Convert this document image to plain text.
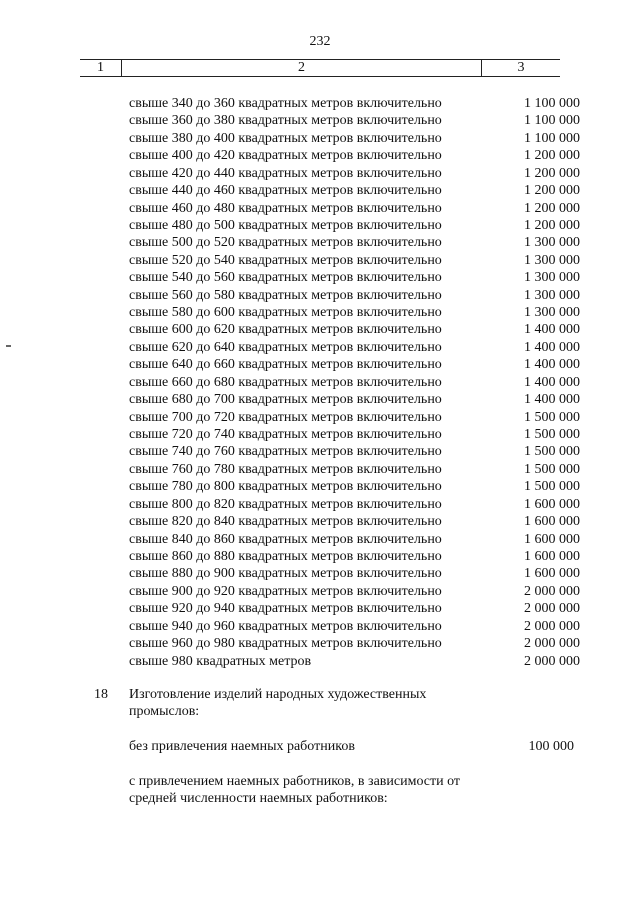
232
1	2	3
свыше 340 до 360 квадратных метров включительно	1 100 000
свыше 360 до 380 квадратных метров включительно	1 100 000
свыше 380 до 400 квадратных метров включительно	1 100 000
свыше 400 до 420 квадратных метров включительно	1 200 000
свыше 420 до 440 квадратных метров включительно	1 200 000
свыше 440 до 460 квадратных метров включительно	1 200 000
свыше 460 до 480 квадратных метров включительно	1 200 000
свыше 480 до 500 квадратных метров включительно	1 200 000
свыше 500 до 520 квадратных метров включительно	1 300 000
свыше 520 до 540 квадратных метров включительно	1 300 000
свыше 540 до 560 квадратных метров включительно	1 300 000
свыше 560 до 580 квадратных метров включительно	1 300 000
свыше 580 до 600 квадратных метров включительно	1 300 000
свыше 600 до 620 квадратных метров включительно	1 400 000
свыше 620 до 640 квадратных метров включительно	1 400 000
свыше 640 до 660 квадратных метров включительно	1 400 000
свыше 660 до 680 квадратных метров включительно	1 400 000
свыше 680 до 700 квадратных метров включительно	1 400 000
свыше 700 до 720 квадратных метров включительно	1 500 000
свыше 720 до 740 квадратных метров включительно	1 500 000
свыше 740 до 760 квадратных метров включительно	1 500 000
свыше 760 до 780 квадратных метров включительно	1 500 000
свыше 780 до 800 квадратных метров включительно	1 500 000
свыше 800 до 820 квадратных метров включительно	1 600 000
свыше 820 до 840 квадратных метров включительно	1 600 000
свыше 840 до 860 квадратных метров включительно	1 600 000
свыше 860 до 880 квадратных метров включительно	1 600 000
свыше 880 до 900 квадратных метров включительно	1 600 000
свыше 900 до 920 квадратных метров включительно	2 000 000
свыше 920 до 940 квадратных метров включительно	2 000 000
свыше 940 до 960 квадратных метров включительно	2 000 000
свыше 960 до 980 квадратных метров включительно	2 000 000
свыше 980 квадратных метров	2 000 000
18 Изготовление изделий народных художественных промыслов:
без привлечения наемных работников	100 000
с привлечением наемных работников, в зависимости от средней численности наемных работников:
